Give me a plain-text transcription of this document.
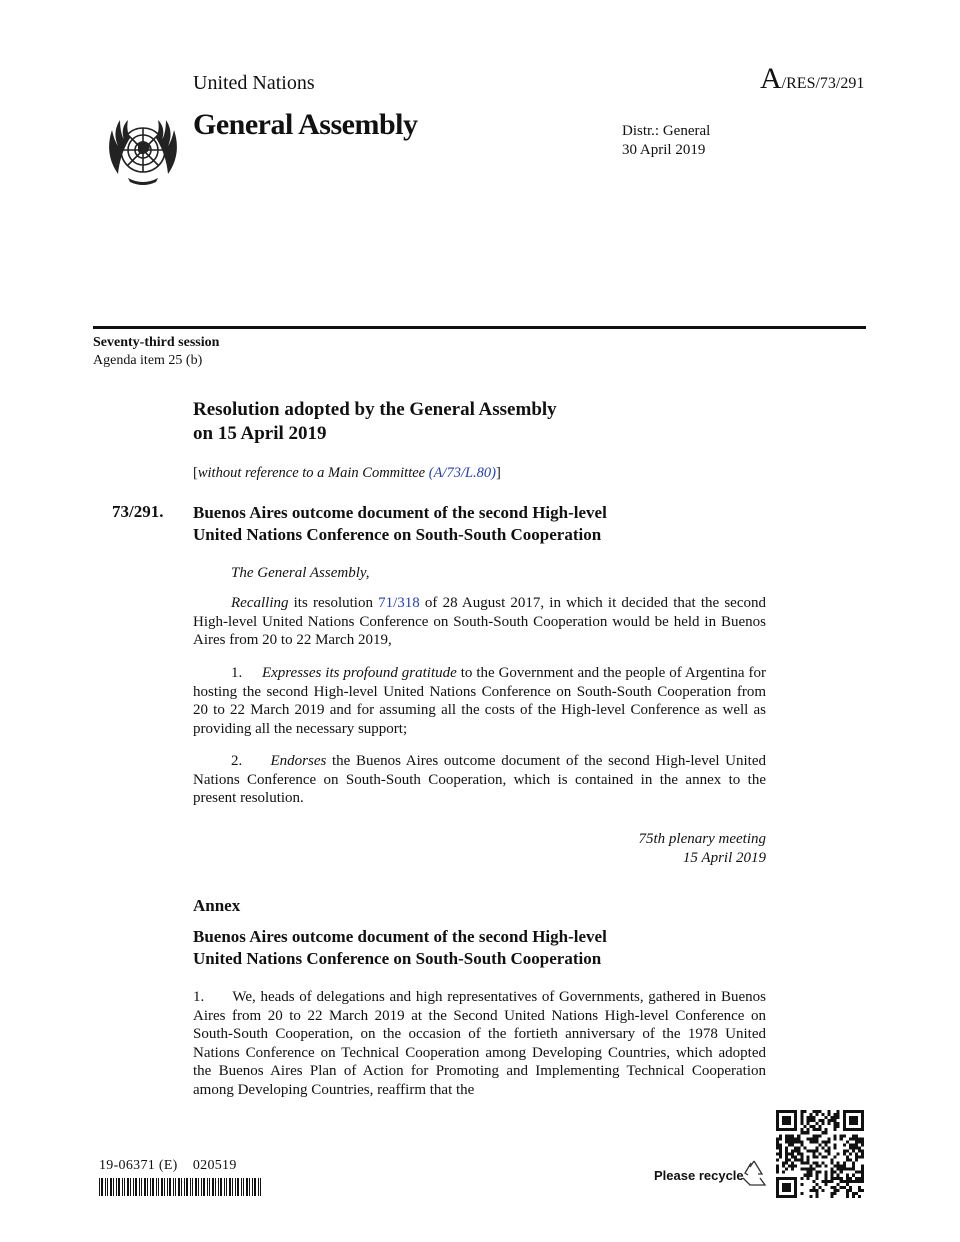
United Nations	A/RES/73/291
General Assembly	Distr.: General
30 April 2019
Seventy-third session
Agenda item 25 (b)
Resolution adopted by the General Assembly
on 15 April 2019
[without reference to a Main Committee (A/73/L.80)]
73/291. Buenos Aires outcome document of the second High-level
United Nations Conference on South-South Cooperation
The General Assembly,
Recalling its resolution 71/318 of 28 August 2017, in which it decided that the second High-level United Nations Conference on South-South Cooperation would be held in Buenos Aires from 20 to 22 March 2019,
1. Expresses its profound gratitude to the Government and the people of Argentina for hosting the second High-level United Nations Conference on South-South Cooperation from 20 to 22 March 2019 and for assuming all the costs of the High-level Conference as well as providing all the necessary support;
2. Endorses the Buenos Aires outcome document of the second High-level United Nations Conference on South-South Cooperation, which is contained in the annex to the present resolution.
75th plenary meeting
15 April 2019
Annex
Buenos Aires outcome document of the second High-level
United Nations Conference on South-South Cooperation
1. We, heads of delegations and high representatives of Governments, gathered in Buenos Aires from 20 to 22 March 2019 at the Second United Nations High-level Conference on South-South Cooperation, on the occasion of the fortieth anniversary of the 1978 United Nations Conference on Technical Cooperation among Developing Countries, which adopted the Buenos Aires Plan of Action for Promoting and Implementing Technical Cooperation among Developing Countries, reaffirm that the
19-06371 (E)    020519
Please recycle
